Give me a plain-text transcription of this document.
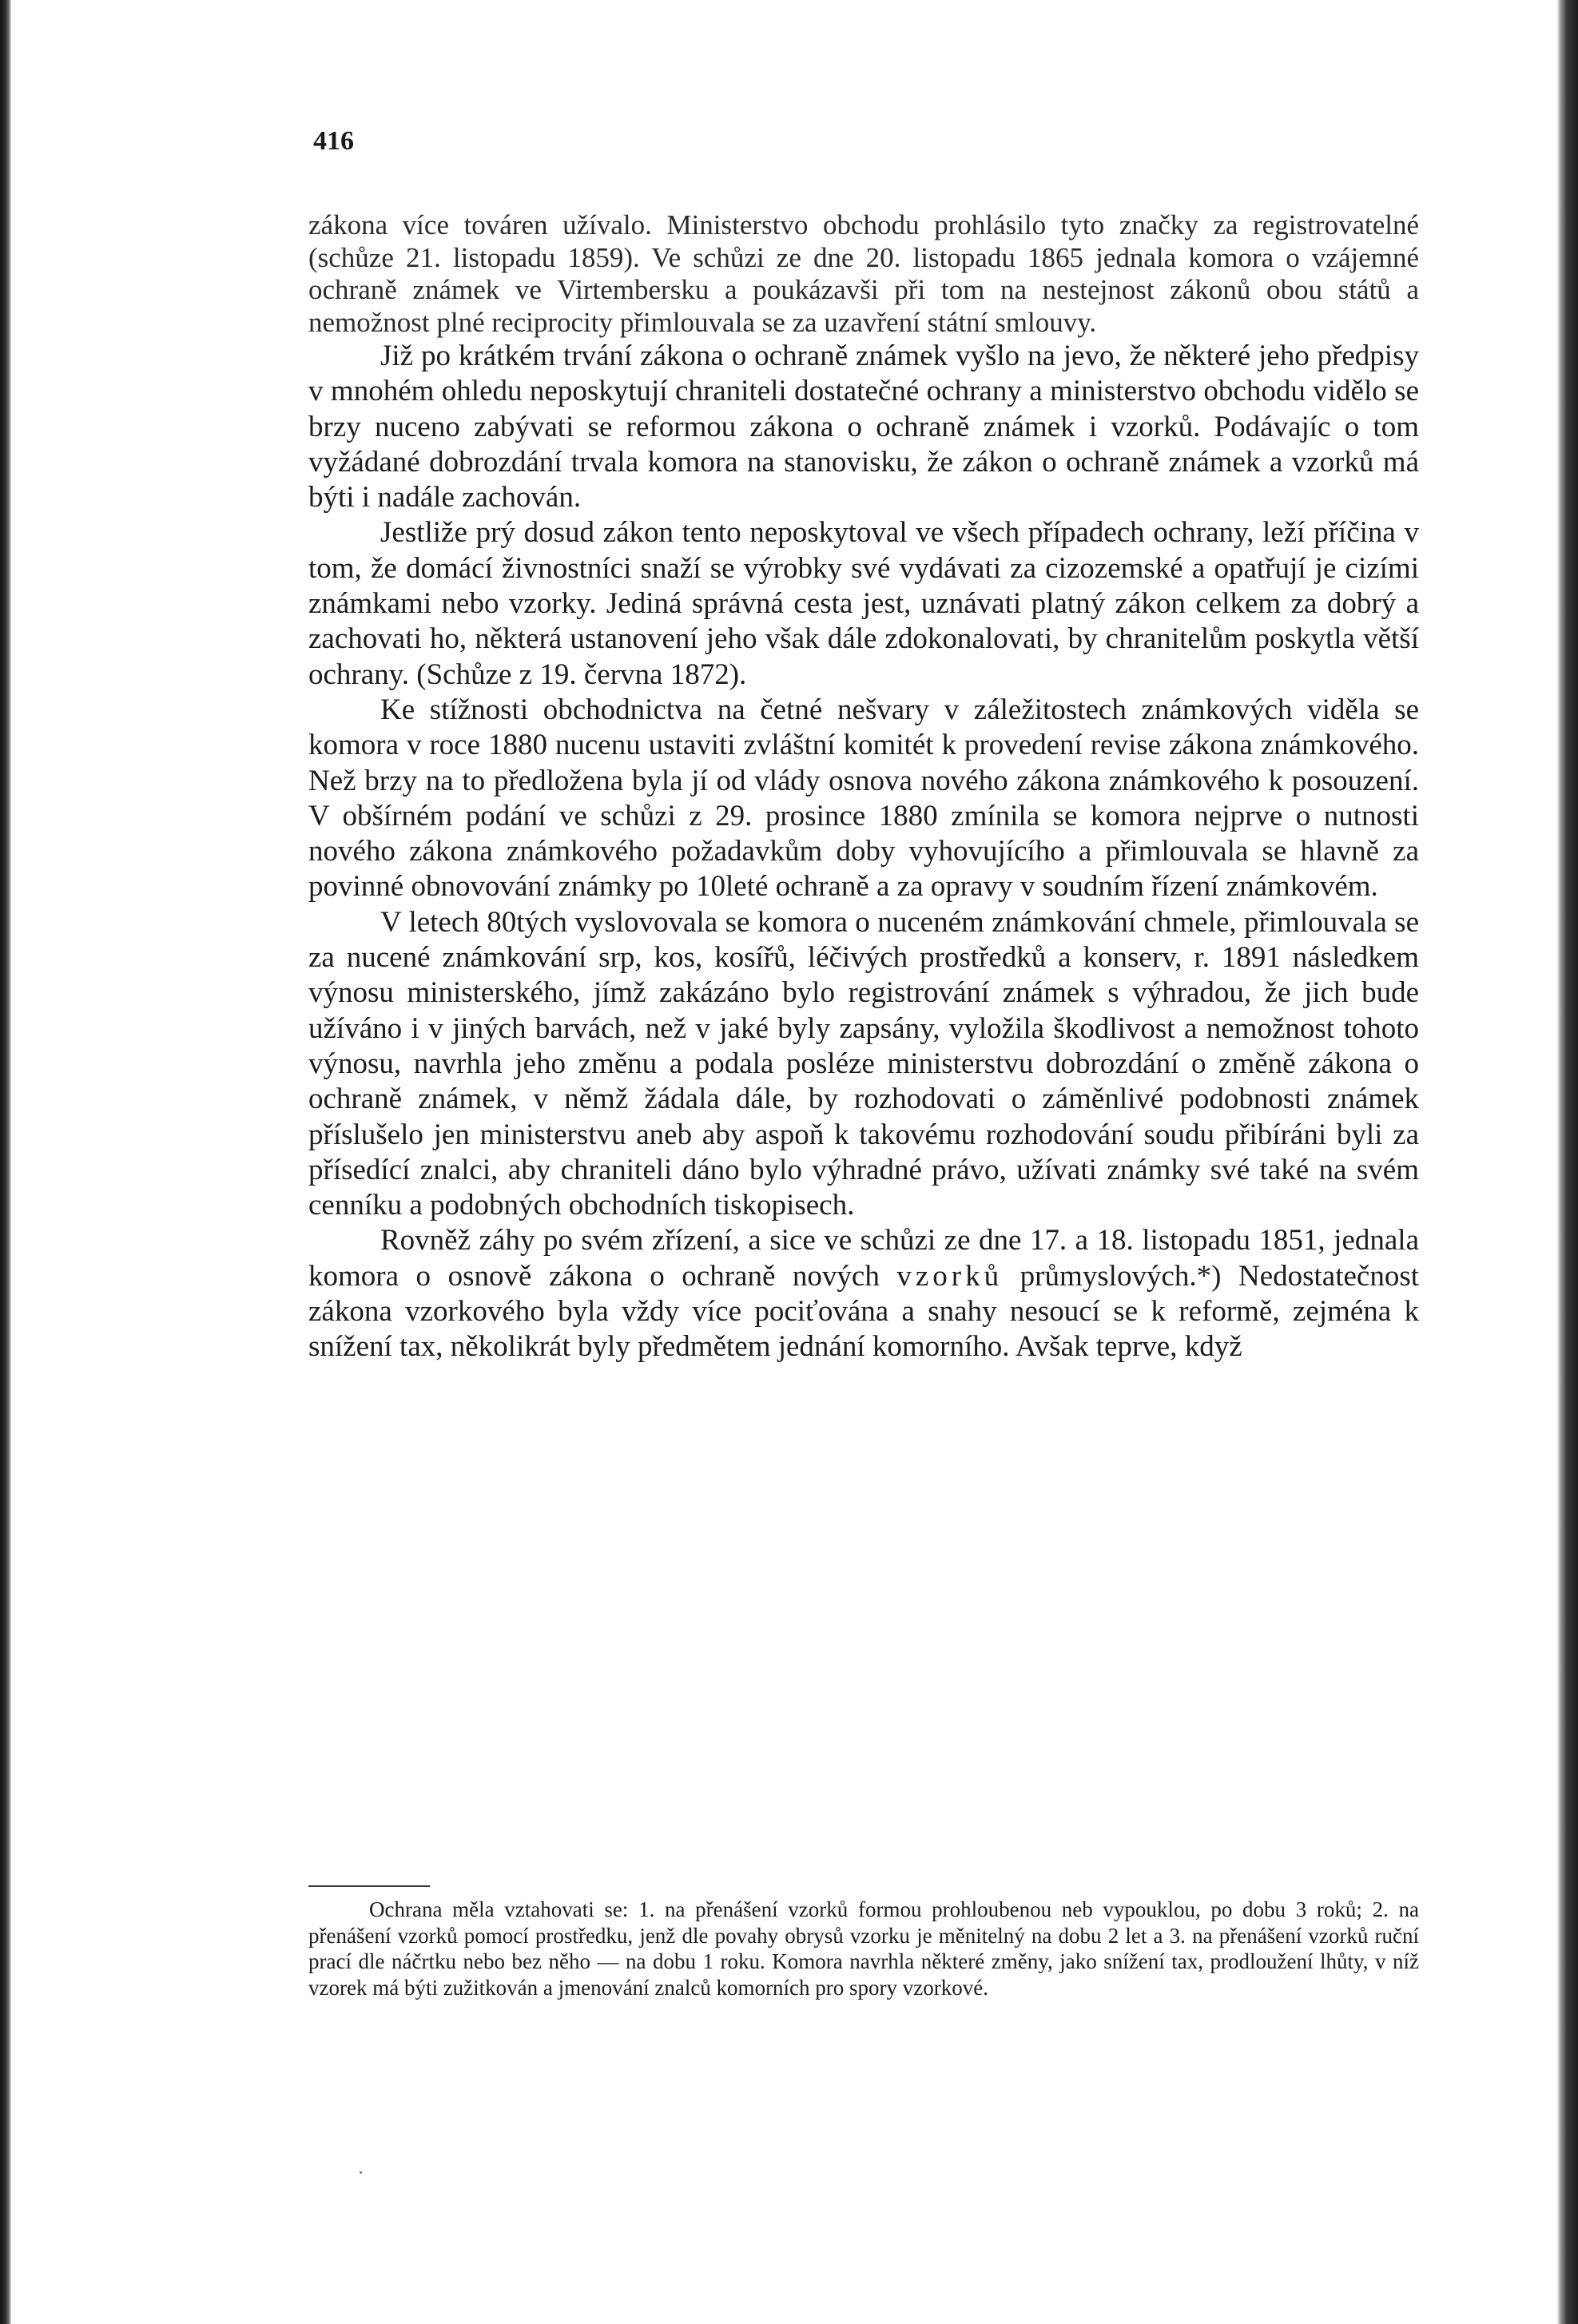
416

zákona více továren užívalo. Ministerstvo obchodu prohlásilo tyto značky za registrovatelné (schůze 21. listopadu 1859). Ve schůzi ze dne 20. listopadu 1865 jednala komora o vzájemné ochraně známek ve Virtembersku a poukázavši při tom na nestejnost zákonů obou států a nemožnost plné reciprocity přimlouvala se za uzavření státní smlouvy.

Již po krátkém trvání zákona o ochraně známek vyšlo na jevo, že některé jeho předpisy v mnohém ohledu neposkytují chraniteli dostatečné ochrany a ministerstvo obchodu vidělo se brzy nuceno zabývati se reformou zákona o ochraně známek i vzorků. Podávajíc o tom vyžádané dobrozdání trvala komora na stanovisku, že zákon o ochraně známek a vzorků má býti i nadále zachován.

Jestliže prý dosud zákon tento neposkytoval ve všech případech ochrany, leží příčina v tom, že domácí živnostníci snaží se výrobky své vydávati za cizozemské a opatřují je cizími známkami nebo vzorky. Jediná správná cesta jest, uznávati platný zákon celkem za dobrý a zachovati ho, některá ustanovení jeho však dále zdokonalovati, by chranitelům poskytla větší ochrany. (Schůze z 19. června 1872).

Ke stížnosti obchodnictva na četné nešvary v záležitostech známkových viděla se komora v roce 1880 nucenu ustaviti zvláštní komitét k provedení revise zákona známkového. Než brzy na to předložena byla jí od vlády osnova nového zákona známkového k posouzení. V obšírném podání ve schůzi z 29. prosince 1880 zmínila se komora nejprve o nutnosti nového zákona známkového požadavkům doby vyhovujícího a přimlouvala se hlavně za povinné obnovování známky po 10leté ochraně a za opravy v soudním řízení známkovém.

V letech 80tých vyslovovala se komora o nuceném známkování chmele, přimlouvala se za nucené známkování srp, kos, kosířů, léčivých prostředků a konserv, r. 1891 následkem výnosu ministerského, jímž zakázáno bylo registrování známek s výhradou, že jich bude užíváno i v jiných barvách, než v jaké byly zapsány, vyložila škodlivost a nemožnost tohoto výnosu, navrhla jeho změnu a podala posléze ministerstvu dobrozdání o změně zákona o ochraně známek, v němž žádala dále, by rozhodovati o záměnlivé podobnosti známek příslušelo jen ministerstvu aneb aby aspoň k takovému rozhodování soudu přibíráni byli za přísedící znalci, aby chraniteli dáno bylo výhradné právo, užívati známky své také na svém cenníku a podobných obchodních tiskopisech.

Rovněž záhy po svém zřízení, a sice ve schůzi ze dne 17. a 18. listopadu 1851, jednala komora o osnově zákona o ochraně nových vzorků průmyslových.*) Nedostatečnost zákona vzorkového byla vždy více pociťována a snahy nesoucí se k reformě, zejména k snížení tax, několikrát byly předmětem jednání komorního. Avšak teprve, když

Ochrana měla vztahovati se: 1. na přenášení vzorků formou prohloubenou neb vypouklou, po dobu 3 roků; 2. na přenášení vzorků pomocí prostředku, jenž dle povahy obrysů vzorku je měnitelný na dobu 2 let a 3. na přenášení vzorků ruční prací dle náčrtku nebo bez něho — na dobu 1 roku. Komora navrhla některé změny, jako snížení tax, prodloužení lhůty, v níž vzorek má býti zužitkován a jmenování znalců komorních pro spory vzorkové.
